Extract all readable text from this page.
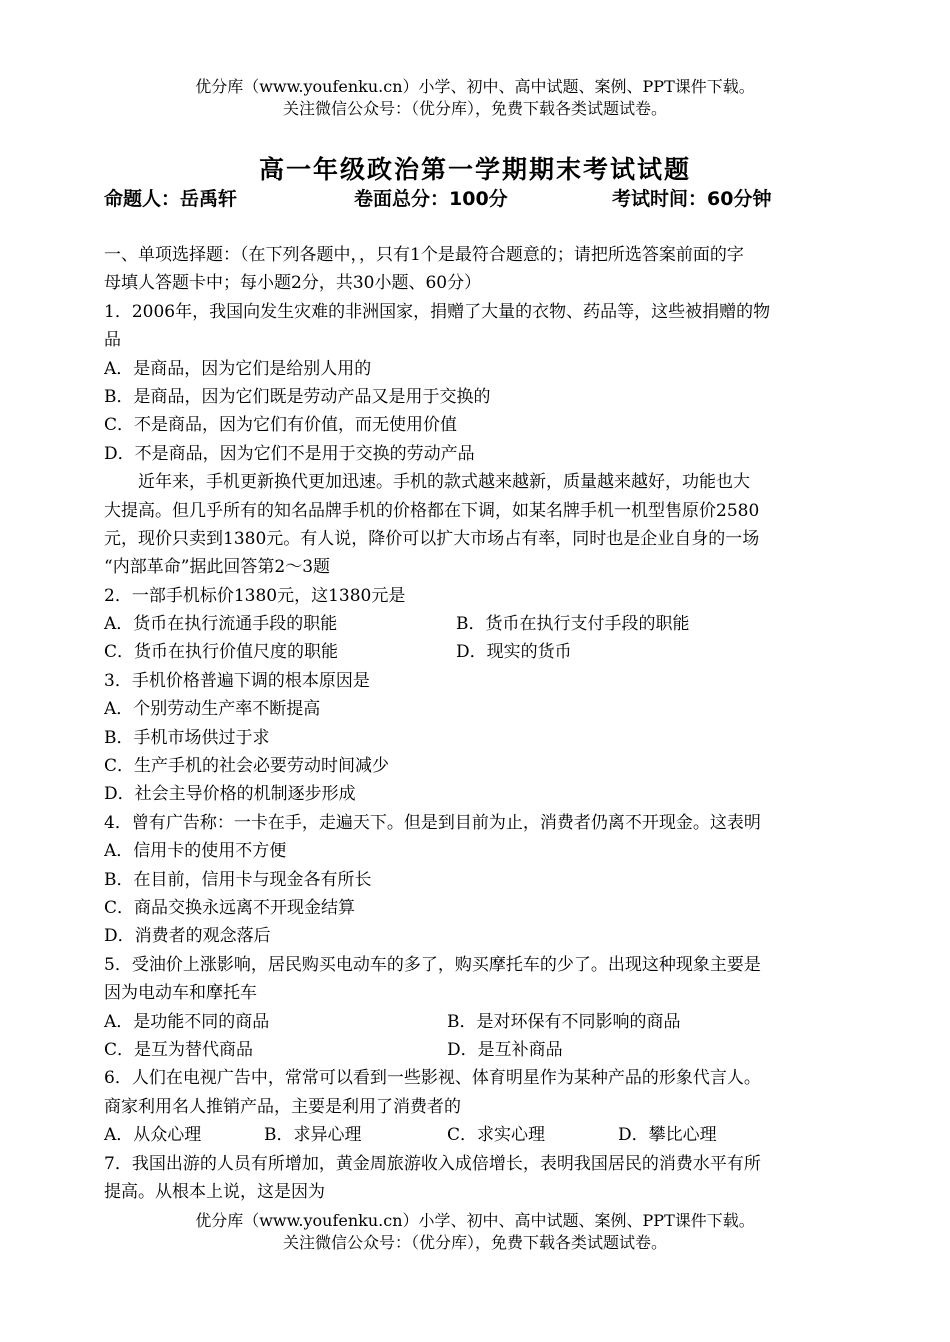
优分库（www.youfenku.cn）小学、初中、高中试题、案例、PPT课件下载。
关注微信公众号：（优分库），免费下载各类试题试卷。
高一年级政治第一学期期末考试试题
命题人：岳禹轩	卷面总分：100分	考试时间：60分钟
一、单项选择题：（在下列各题中，，只有1个是最符合题意的；请把所选答案前面的字
母填人答题卡中；每小题2分，共30小题、60分）
1．2006年，我国向发生灾难的非洲国家，捐赠了大量的衣物、药品等，这些被捐赠的物
品
A．是商品，因为它们是给别人用的
B．是商品，因为它们既是劳动产品又是用于交换的
C．不是商品，因为它们有价值，而无使用价值
D．不是商品，因为它们不是用于交换的劳动产品
近年来，手机更新换代更加迅速。手机的款式越来越新，质量越来越好，功能也大
大提高。但几乎所有的知名品牌手机的价格都在下调，如某名牌手机一机型售原价2580
元，现价只卖到1380元。有人说，降价可以扩大市场占有率，同时也是企业自身的一场
“内部革命”据此回答第2～3题
2．一部手机标价1380元，这1380元是
A．货币在执行流通手段的职能	B．货币在执行支付手段的职能
C．货币在执行价值尺度的职能	D．现实的货币
3．手机价格普遍下调的根本原因是
A．个别劳动生产率不断提高
B．手机市场供过于求
C．生产手机的社会必要劳动时间减少
D．社会主导价格的机制逐步形成
4．曾有广告称：一卡在手，走遍天下。但是到目前为止，消费者仍离不开现金。这表明
A．信用卡的使用不方便
B．在目前，信用卡与现金各有所长
C．商品交换永远离不开现金结算
D．消费者的观念落后
5．受油价上涨影响，居民购买电动车的多了，购买摩托车的少了。出现这种现象主要是
因为电动车和摩托车
A．是功能不同的商品	B．是对环保有不同影响的商品
C．是互为替代商品	D．是互补商品
6．人们在电视广告中，常常可以看到一些影视、体育明星作为某种产品的形象代言人。
商家利用名人推销产品，主要是利用了消费者的
A．从众心理	B．求异心理	C．求实心理	D．攀比心理
7．我国出游的人员有所增加，黄金周旅游收入成倍增长，表明我国居民的消费水平有所
提高。从根本上说，这是因为
优分库（www.youfenku.cn）小学、初中、高中试题、案例、PPT课件下载。
关注微信公众号：（优分库），免费下载各类试题试卷。
